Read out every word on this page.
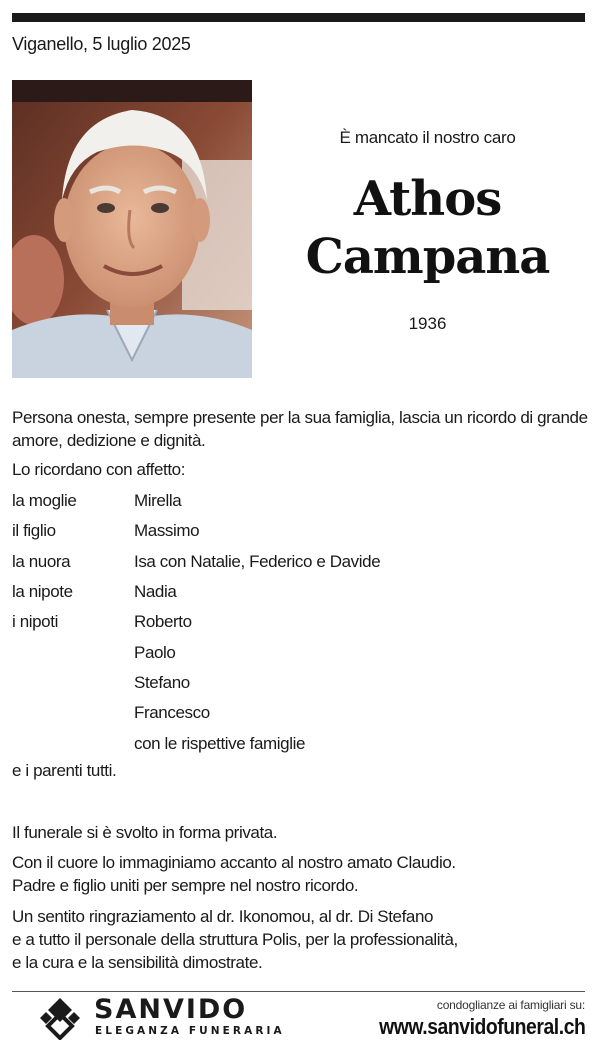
Viganello, 5 luglio 2025
È mancato il nostro caro
Athos
Campana
1936
Persona onesta, sempre presente per la sua famiglia, lascia un ricordo di grande amore, dedizione e dignità.
Lo ricordano con affetto:
la moglie	Mirella
il figlio	Massimo
la nuora	Isa con Natalie, Federico e Davide
la nipote	Nadia
i nipoti	Roberto
Paolo
Stefano
Francesco
con le rispettive famiglie
e i parenti tutti.
Il funerale si è svolto in forma privata.
Con il cuore lo immaginiamo accanto al nostro amato Claudio.
Padre e figlio uniti per sempre nel nostro ricordo.
Un sentito ringraziamento al dr. Ikonomou, al dr. Di Stefano
e a tutto il personale della struttura Polis, per la professionalità,
e la cura e la sensibilità dimostrate.
SANVIDO
ELEGANZA FUNERARIA
condoglianze ai famigliari su:
www.sanvidofuneral.ch
